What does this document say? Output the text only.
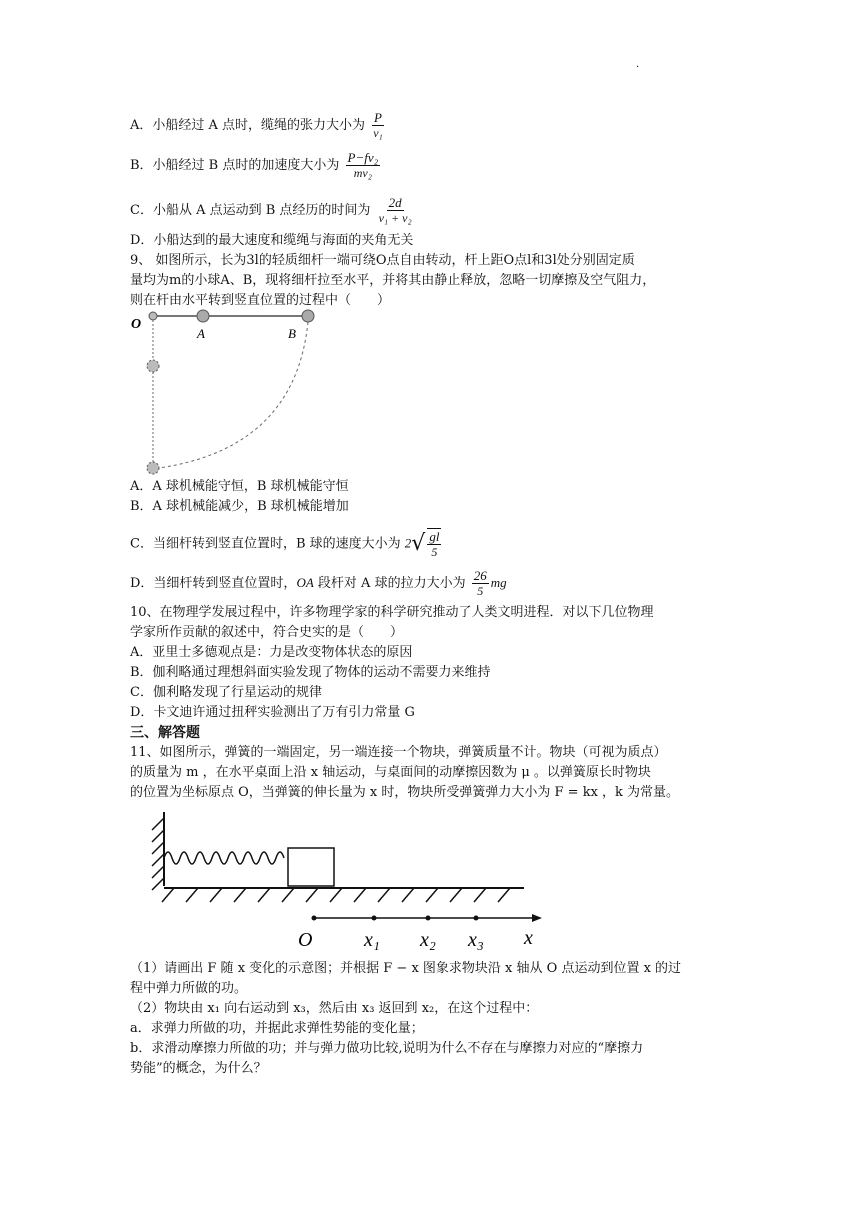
·
A．小船经过 A 点时，缆绳的张力大小为 $\frac{P}{\text{v₁}}$
B．小船经过 B 点时的加速度大小为 $\frac{\text{P−fv₂}}{\text{mv₂}}$
C．小船从 A 点运动到 B 点经历的时间为 $\frac{2d}{\text{v₁ + v₂}}$
D．小船达到的最大速度和缆绳与海面的夹角无关
9、 如图所示，长为3l的轻质细杆一端可绕O点自由转动，杆上距O点l和3l处分别固定质
量均为m的小球A、B，现将细杆拉至水平，并将其由静止释放，忽略一切摩擦及空气阻力，
则在杆由水平转到竖直位置的过程中（　　）
O
A	B
A．A 球机械能守恒，B 球机械能守恒
B．A 球机械能减少，B 球机械能增加
C．当细杆转到竖直位置时，B 球的速度大小为 $2√ \frac{gl}{5}$
D．当细杆转到竖直位置时，OA 段杆对 A 球的拉力大小为 $\frac{26}{5}$ mg
10、在物理学发展过程中，许多物理学家的科学研究推动了人类文明进程．对以下几位物理
学家所作贡献的叙述中，符合史实的是（　　）
A．亚里士多德观点是：力是改变物体状态的原因
B．伽利略通过理想斜面实验发现了物体的运动不需要力来维持
C．伽利略发现了行星运动的规律
D．卡文迪许通过扭秤实验测出了万有引力常量 G
三、解答题
11、如图所示，弹簧的一端固定，另一端连接一个物块，弹簧质量不计。物块（可视为质点）
的质量为 m ，在水平桌面上沿 x 轴运动，与桌面间的动摩擦因数为 μ 。以弹簧原长时物块
的位置为坐标原点 O，当弹簧的伸长量为 x 时，物块所受弹簧弹力大小为 F = kx ，k 为常量。
O	x₁ x₂ x₃ x
（1）请画出 F 随 x 变化的示意图；并根据 F − x 图象求物块沿 x 轴从 O 点运动到位置 x 的过
程中弹力所做的功。
（2）物块由 x₁ 向右运动到 x₃，然后由 x₃ 返回到 x₂，在这个过程中：
a．求弹力所做的功，并据此求弹性势能的变化量；
b．求滑动摩擦力所做的功；并与弹力做功比较,说明为什么不存在与摩擦力对应的“摩擦力
势能”的概念，为什么？
